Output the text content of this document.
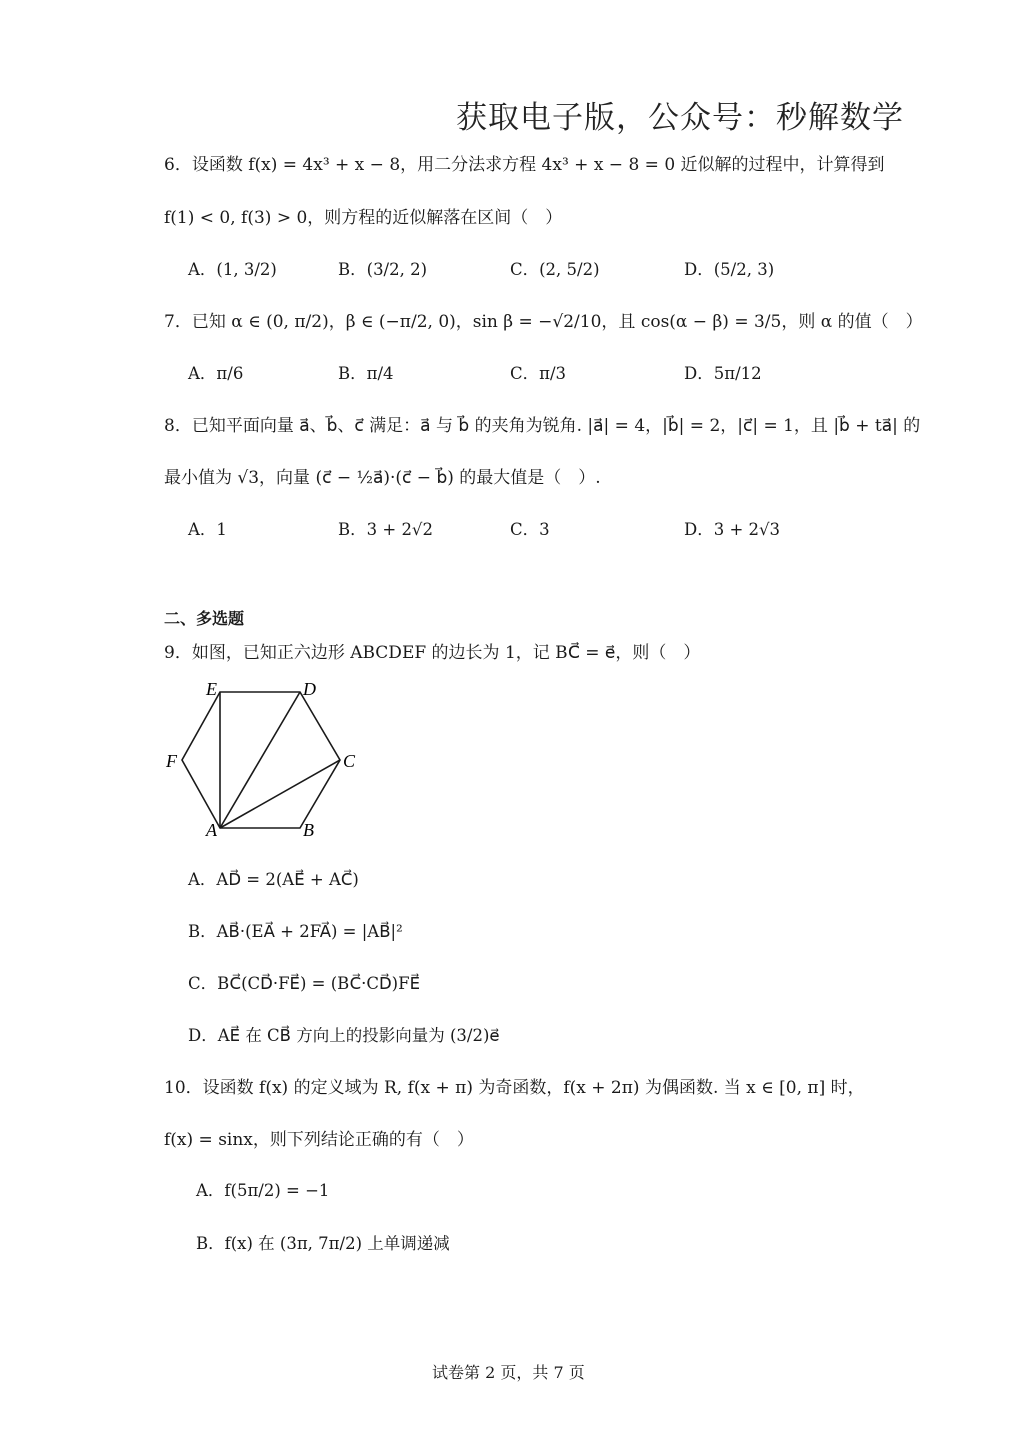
获取电子版，公众号：秒解数学
6．设函数 f(x) = 4x³ + x − 8，用二分法求方程 4x³ + x − 8 = 0 近似解的过程中，计算得到
f(1) < 0, f(3) > 0，则方程的近似解落在区间（　）
A．(1, 3/2)	B．(3/2, 2)	C．(2, 5/2)	D．(5/2, 3)
7．已知 α ∈ (0, π/2)，β ∈ (−π/2, 0)，sin β = −√2/10，且 cos(α − β) = 3/5，则 α 的值（　）
A．π/6	B．π/4	C．π/3	D．5π/12
8．已知平面向量 a⃗、b⃗、c⃗ 满足：a⃗ 与 b⃗ 的夹角为锐角. |a⃗| = 4，|b⃗| = 2，|c⃗| = 1，且 |b⃗ + ta⃗| 的
最小值为 √3，向量 (c⃗ − ½a⃗)·(c⃗ − b⃗) 的最大值是（　）.
A．1	B．3 + 2√2	C．3	D．3 + 2√3
二、多选题
9．如图，已知正六边形 ABCDEF 的边长为 1，记 BC⃗ = e⃗，则（　）
A	B
C
D
E
F
A．AD⃗ = 2(AE⃗ + AC⃗)
B．AB⃗·(EA⃗ + 2FA⃗) = |AB⃗|²
C．BC⃗(CD⃗·FE⃗) = (BC⃗·CD⃗)FE⃗
D．AE⃗ 在 CB⃗ 方向上的投影向量为 (3/2)e⃗
10．设函数 f(x) 的定义域为 R, f(x + π) 为奇函数，f(x + 2π) 为偶函数. 当 x ∈ [0, π] 时，
f(x) = sinx，则下列结论正确的有（　）
A．f(5π/2) = −1
B．f(x) 在 (3π, 7π/2) 上单调递减
试卷第 2 页，共 7 页
